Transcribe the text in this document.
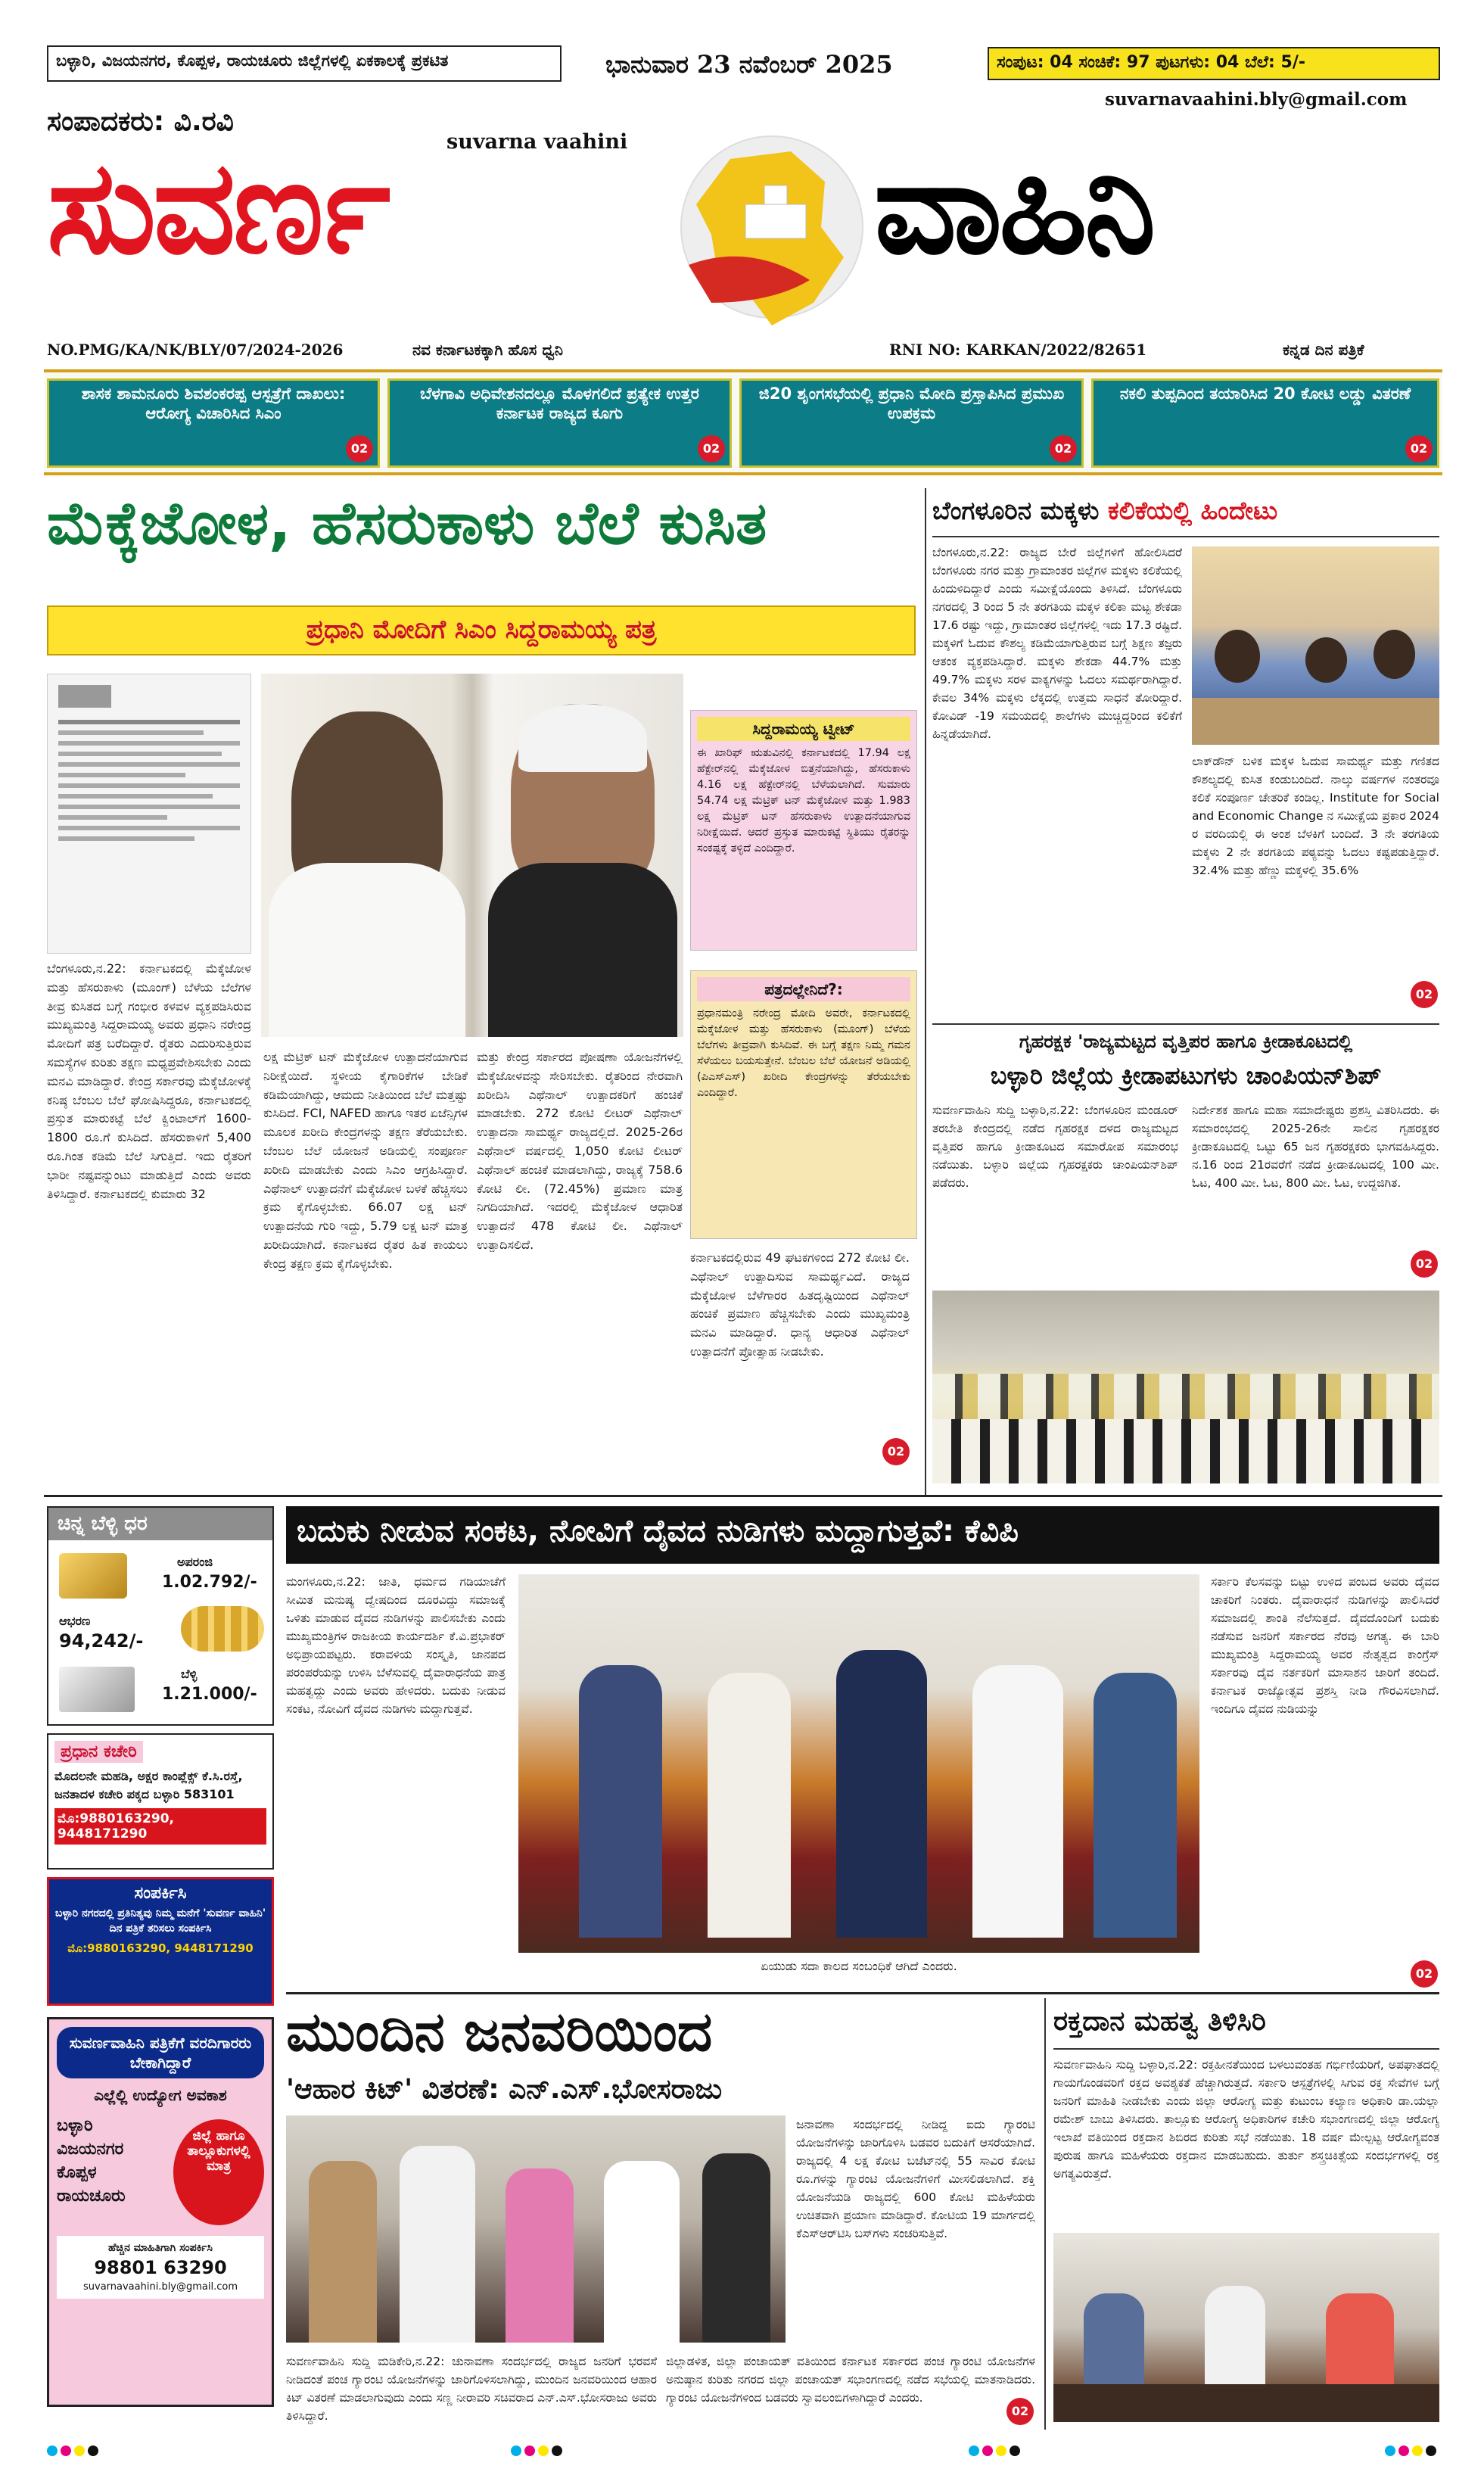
ಬಳ್ಳಾರಿ, ವಿಜಯನಗರ, ಕೊಪ್ಪಳ, ರಾಯಚೂರು ಜಿಲ್ಲೆಗಳಲ್ಲಿ ಏಕಕಾಲಕ್ಕೆ ಪ್ರಕಟಿತ	ಭಾನುವಾರ 23 ನವೆಂಬರ್ 2025	ಸಂಪುಟ: 04 ಸಂಚಿಕೆ: 97 ಪುಟಗಳು: 04 ಬೆಲೆ: 5/-
suvarnavaahini.bly@gmail.com
ಸಂಪಾದಕರು: ವಿ.ರವಿ
suvarna vaahini
ಸುವರ್ಣ	ವಾಹಿನಿ
NO.PMG/KA/NK/BLY/07/2024-2026	ನವ ಕರ್ನಾಟಕಕ್ಕಾಗಿ ಹೊಸ ಧ್ವನಿ	RNI NO: KARKAN/2022/82651	ಕನ್ನಡ ದಿನ ಪತ್ರಿಕೆ
ಶಾಸಕ ಶಾಮನೂರು ಶಿವಶಂಕರಪ್ಪ ಆಸ್ಪತ್ರೆಗೆ ದಾಖಲು: ಆರೋಗ್ಯ ವಿಚಾರಿಸಿದ ಸಿಎಂ
02
ಬೆಳಗಾವಿ ಅಧಿವೇಶನದಲ್ಲೂ ಮೊಳಗಲಿದೆ ಪ್ರತ್ಯೇಕ ಉತ್ತರ ಕರ್ನಾಟಕ ರಾಜ್ಯದ ಕೂಗು
02
ಜಿ20 ಶೃಂಗಸಭೆಯಲ್ಲಿ ಪ್ರಧಾನಿ ಮೋದಿ ಪ್ರಸ್ತಾಪಿಸಿದ ಪ್ರಮುಖ ಉಪಕ್ರಮ
02
ನಕಲಿ ತುಪ್ಪದಿಂದ ತಯಾರಿಸಿದ 20 ಕೋಟಿ ಲಡ್ಡು ವಿತರಣೆ
02
ಮೆಕ್ಕೆಜೋಳ, ಹೆಸರುಕಾಳು ಬೆಲೆ ಕುಸಿತ
ಪ್ರಧಾನಿ ಮೋದಿಗೆ ಸಿಎಂ ಸಿದ್ದರಾಮಯ್ಯ ಪತ್ರ
ಸಿದ್ದರಾಮಯ್ಯ ಟ್ವೀಟ್
ಈ ಖಾರಿಫ್ ಋತುವಿನಲ್ಲಿ ಕರ್ನಾಟಕದಲ್ಲಿ 17.94 ಲಕ್ಷ ಹೆಕ್ಟೇರ್‌ನಲ್ಲಿ ಮೆಕ್ಕೆಜೋಳ ಬಿತ್ತನೆಯಾಗಿದ್ದು, ಹೆಸರುಕಾಳು 4.16 ಲಕ್ಷ ಹೆಕ್ಟೇರ್‌ನಲ್ಲಿ ಬೆಳೆಯಲಾಗಿದೆ. ಸುಮಾರು 54.74 ಲಕ್ಷ ಮೆಟ್ರಿಕ್ ಟನ್ ಮೆಕ್ಕೆಜೋಳ ಮತ್ತು 1.983 ಲಕ್ಷ ಮೆಟ್ರಿಕ್ ಟನ್ ಹೆಸರುಕಾಳು ಉತ್ಪಾದನೆಯಾಗುವ ನಿರೀಕ್ಷೆಯಿದೆ. ಆದರೆ ಪ್ರಸ್ತುತ ಮಾರುಕಟ್ಟೆ ಸ್ಥಿತಿಯು ರೈತರನ್ನು ಸಂಕಷ್ಟಕ್ಕೆ ತಳ್ಳಿದೆ ಎಂದಿದ್ದಾರೆ.
ಪತ್ರದಲ್ಲೇನಿದೆ?:
ಪ್ರಧಾನಮಂತ್ರಿ ನರೇಂದ್ರ ಮೋದಿ ಅವರೇ, ಕರ್ನಾಟಕದಲ್ಲಿ ಮೆಕ್ಕೆಜೋಳ ಮತ್ತು ಹೆಸರುಕಾಳು (ಮೂಂಗ್) ಬೆಳೆಯ ಬೆಲೆಗಳು ತೀವ್ರವಾಗಿ ಕುಸಿದಿವೆ. ಈ ಬಗ್ಗೆ ತಕ್ಷಣ ನಿಮ್ಮ ಗಮನ ಸೆಳೆಯಲು ಬಯಸುತ್ತೇನೆ. ಬೆಂಬಲ ಬೆಲೆ ಯೋಜನೆ ಅಡಿಯಲ್ಲಿ (ಪಿಎಸ್‌ಎಸ್) ಖರೀದಿ ಕೇಂದ್ರಗಳನ್ನು ತೆರೆಯಬೇಕು ಎಂದಿದ್ದಾರೆ.
ಬೆಂಗಳೂರು,ನ.22: ಕರ್ನಾಟಕದಲ್ಲಿ ಮೆಕ್ಕೆಜೋಳ ಮತ್ತು ಹೆಸರುಕಾಳು (ಮೂಂಗ್) ಬೆಳೆಯ ಬೆಲೆಗಳ ತೀವ್ರ ಕುಸಿತದ ಬಗ್ಗೆ ಗಂಭೀರ ಕಳವಳ ವ್ಯಕ್ತಪಡಿಸಿರುವ ಮುಖ್ಯಮಂತ್ರಿ ಸಿದ್ದರಾಮಯ್ಯ ಅವರು ಪ್ರಧಾನಿ ನರೇಂದ್ರ ಮೋದಿಗೆ ಪತ್ರ ಬರೆದಿದ್ದಾರೆ. ರೈತರು ಎದುರಿಸುತ್ತಿರುವ ಸಮಸ್ಯೆಗಳ ಕುರಿತು ತಕ್ಷಣ ಮಧ್ಯಪ್ರವೇಶಿಸಬೇಕು ಎಂದು ಮನವಿ ಮಾಡಿದ್ದಾರೆ. ಕೇಂದ್ರ ಸರ್ಕಾರವು ಮೆಕ್ಕೆಜೋಳಕ್ಕೆ ಕನಿಷ್ಠ ಬೆಂಬಲ ಬೆಲೆ ಘೋಷಿಸಿದ್ದರೂ, ಕರ್ನಾಟಕದಲ್ಲಿ ಪ್ರಸ್ತುತ ಮಾರುಕಟ್ಟೆ ಬೆಲೆ ಕ್ವಿಂಟಾಲ್‌ಗೆ 1600-1800 ರೂ.ಗೆ ಕುಸಿದಿದೆ. ಹೆಸರುಕಾಳಿಗೆ 5,400 ರೂ.ಗಿಂತ ಕಡಿಮೆ ಬೆಲೆ ಸಿಗುತ್ತಿದೆ. ಇದು ರೈತರಿಗೆ ಭಾರೀ ನಷ್ಟವನ್ನುಂಟು ಮಾಡುತ್ತಿದೆ ಎಂದು ಅವರು ತಿಳಿಸಿದ್ದಾರೆ. ಕರ್ನಾಟಕದಲ್ಲಿ ಕುಮಾರು 32
ಲಕ್ಷ ಮೆಟ್ರಿಕ್ ಟನ್ ಮೆಕ್ಕೆಜೋಳ ಉತ್ಪಾದನೆಯಾಗುವ ನಿರೀಕ್ಷೆಯಿದೆ. ಸ್ಥಳೀಯ ಕೈಗಾರಿಕೆಗಳ ಬೇಡಿಕೆ ಕಡಿಮೆಯಾಗಿದ್ದು, ಆಮದು ನೀತಿಯಿಂದ ಬೆಲೆ ಮತ್ತಷ್ಟು ಕುಸಿದಿದೆ. FCI, NAFED ಹಾಗೂ ಇತರ ಏಜೆನ್ಸಿಗಳ ಮೂಲಕ ಖರೀದಿ ಕೇಂದ್ರಗಳನ್ನು ತಕ್ಷಣ ತೆರೆಯಬೇಕು. ಬೆಂಬಲ ಬೆಲೆ ಯೋಜನೆ ಅಡಿಯಲ್ಲಿ ಸಂಪೂರ್ಣ ಖರೀದಿ ಮಾಡಬೇಕು ಎಂದು ಸಿಎಂ ಆಗ್ರಹಿಸಿದ್ದಾರೆ. ಎಥೆನಾಲ್ ಉತ್ಪಾದನೆಗೆ ಮೆಕ್ಕೆಜೋಳ ಬಳಕೆ ಹೆಚ್ಚಿಸಲು ಕ್ರಮ ಕೈಗೊಳ್ಳಬೇಕು. 66.07 ಲಕ್ಷ ಟನ್ ಉತ್ಪಾದನೆಯ ಗುರಿ ಇದ್ದು, 5.79 ಲಕ್ಷ ಟನ್ ಮಾತ್ರ ಖರೀದಿಯಾಗಿದೆ. ಕರ್ನಾಟಕದ ರೈತರ ಹಿತ ಕಾಯಲು ಕೇಂದ್ರ ತಕ್ಷಣ ಕ್ರಮ ಕೈಗೊಳ್ಳಬೇಕು.
ಮತ್ತು ಕೇಂದ್ರ ಸರ್ಕಾರದ ಪೋಷಣಾ ಯೋಜನೆಗಳಲ್ಲಿ ಮೆಕ್ಕೆಜೋಳವನ್ನು ಸೇರಿಸಬೇಕು. ರೈತರಿಂದ ನೇರವಾಗಿ ಖರೀದಿಸಿ ಎಥೆನಾಲ್ ಉತ್ಪಾದಕರಿಗೆ ಹಂಚಿಕೆ ಮಾಡಬೇಕು. 272 ಕೋಟಿ ಲೀಟರ್ ಎಥೆನಾಲ್ ಉತ್ಪಾದನಾ ಸಾಮರ್ಥ್ಯ ರಾಜ್ಯದಲ್ಲಿದೆ. 2025-26ರ ಎಥೆನಾಲ್ ವರ್ಷದಲ್ಲಿ 1,050 ಕೋಟಿ ಲೀಟರ್ ಎಥೆನಾಲ್ ಹಂಚಿಕೆ ಮಾಡಲಾಗಿದ್ದು, ರಾಜ್ಯಕ್ಕೆ 758.6 ಕೋಟಿ ಲೀ. (72.45%) ಪ್ರಮಾಣ ಮಾತ್ರ ನಿಗದಿಯಾಗಿದೆ. ಇದರಲ್ಲಿ ಮೆಕ್ಕೆಜೋಳ ಆಧಾರಿತ ಉತ್ಪಾದನೆ 478 ಕೋಟಿ ಲೀ. ಎಥೆನಾಲ್ ಉತ್ಪಾದಿಸಲಿದೆ.
ಕರ್ನಾಟಕದಲ್ಲಿರುವ 49 ಘಟಕಗಳಿಂದ 272 ಕೋಟಿ ಲೀ. ಎಥೆನಾಲ್ ಉತ್ಪಾದಿಸುವ ಸಾಮರ್ಥ್ಯವಿದೆ. ರಾಜ್ಯದ ಮೆಕ್ಕೆಜೋಳ ಬೆಳೆಗಾರರ ಹಿತದೃಷ್ಟಿಯಿಂದ ಎಥೆನಾಲ್ ಹಂಚಿಕೆ ಪ್ರಮಾಣ ಹೆಚ್ಚಿಸಬೇಕು ಎಂದು ಮುಖ್ಯಮಂತ್ರಿ ಮನವಿ ಮಾಡಿದ್ದಾರೆ. ಧಾನ್ಯ ಆಧಾರಿತ ಎಥೆನಾಲ್ ಉತ್ಪಾದನೆಗೆ ಪ್ರೋತ್ಸಾಹ ನೀಡಬೇಕು.
02
ಬೆಂಗಳೂರಿನ ಮಕ್ಕಳು ಕಲಿಕೆಯಲ್ಲಿ ಹಿಂದೇಟು
ಬೆಂಗಳೂರು,ನ.22: ರಾಜ್ಯದ ಬೇರೆ ಜಿಲ್ಲೆಗಳಿಗೆ ಹೋಲಿಸಿದರೆ ಬೆಂಗಳೂರು ನಗರ ಮತ್ತು ಗ್ರಾಮಾಂತರ ಜಿಲ್ಲೆಗಳ ಮಕ್ಕಳು ಕಲಿಕೆಯಲ್ಲಿ ಹಿಂದುಳಿದಿದ್ದಾರೆ ಎಂದು ಸಮೀಕ್ಷೆಯೊಂದು ತಿಳಿಸಿದೆ. ಬೆಂಗಳೂರು ನಗರದಲ್ಲಿ 3 ರಿಂದ 5 ನೇ ತರಗತಿಯ ಮಕ್ಕಳ ಕಲಿಕಾ ಮಟ್ಟ ಶೇಕಡಾ 17.6 ರಷ್ಟು ಇದ್ದು, ಗ್ರಾಮಾಂತರ ಜಿಲ್ಲೆಗಳಲ್ಲಿ ಇದು 17.3 ರಷ್ಟಿದೆ. ಮಕ್ಕಳಿಗೆ ಓದುವ ಕೌಶಲ್ಯ ಕಡಿಮೆಯಾಗುತ್ತಿರುವ ಬಗ್ಗೆ ಶಿಕ್ಷಣ ತಜ್ಞರು ಆತಂಕ ವ್ಯಕ್ತಪಡಿಸಿದ್ದಾರೆ. ಮಕ್ಕಳು ಶೇಕಡಾ 44.7% ಮತ್ತು 49.7% ಮಕ್ಕಳು ಸರಳ ವಾಕ್ಯಗಳನ್ನು ಓದಲು ಸಮರ್ಥರಾಗಿದ್ದಾರೆ. ಕೇವಲ 34% ಮಕ್ಕಳು ಲೆಕ್ಕದಲ್ಲಿ ಉತ್ತಮ ಸಾಧನೆ ತೋರಿದ್ದಾರೆ. ಕೋವಿಡ್ -19 ಸಮಯದಲ್ಲಿ ಶಾಲೆಗಳು ಮುಚ್ಚಿದ್ದರಿಂದ ಕಲಿಕೆಗೆ ಹಿನ್ನಡೆಯಾಗಿದೆ.
ಲಾಕ್‌ಡೌನ್ ಬಳಿಕ ಮಕ್ಕಳ ಓದುವ ಸಾಮರ್ಥ್ಯ ಮತ್ತು ಗಣಿತದ ಕೌಶಲ್ಯದಲ್ಲಿ ಕುಸಿತ ಕಂಡುಬಂದಿದೆ. ನಾಲ್ಕು ವರ್ಷಗಳ ನಂತರವೂ ಕಲಿಕೆ ಸಂಪೂರ್ಣ ಚೇತರಿಕೆ ಕಂಡಿಲ್ಲ. Institute for Social and Economic Change ನ ಸಮೀಕ್ಷೆಯ ಪ್ರಕಾರ 2024 ರ ವರದಿಯಲ್ಲಿ ಈ ಅಂಶ ಬೆಳಕಿಗೆ ಬಂದಿದೆ. 3 ನೇ ತರಗತಿಯ ಮಕ್ಕಳು 2 ನೇ ತರಗತಿಯ ಪಠ್ಯವನ್ನು ಓದಲು ಕಷ್ಟಪಡುತ್ತಿದ್ದಾರೆ. 32.4% ಮತ್ತು ಹೆಣ್ಣು ಮಕ್ಕಳಲ್ಲಿ 35.6%
02
ಗೃಹರಕ್ಷಕ 'ರಾಜ್ಯಮಟ್ಟದ ವೃತ್ತಿಪರ ಹಾಗೂ ಕ್ರೀಡಾಕೂಟದಲ್ಲಿ
ಬಳ್ಳಾರಿ ಜಿಲ್ಲೆಯ ಕ್ರೀಡಾಪಟುಗಳು ಚಾಂಪಿಯನ್‌ಶಿಪ್
ಸುವರ್ಣವಾಹಿನಿ ಸುದ್ದಿ ಬಳ್ಳಾರಿ,ನ.22: ಬೆಂಗಳೂರಿನ ಮಂಡೂರ್ ತರಬೇತಿ ಕೇಂದ್ರದಲ್ಲಿ ನಡೆದ ಗೃಹರಕ್ಷಕ ದಳದ ರಾಜ್ಯಮಟ್ಟದ ವೃತ್ತಿಪರ ಹಾಗೂ ಕ್ರೀಡಾಕೂಟದ ಸಮಾರೋಪ ಸಮಾರಂಭ ನಡೆಯಿತು. ಬಳ್ಳಾರಿ ಜಿಲ್ಲೆಯ ಗೃಹರಕ್ಷಕರು ಚಾಂಪಿಯನ್‌ಶಿಪ್ ಪಡೆದರು.
ನಿರ್ದೇಶಕ ಹಾಗೂ ಮಹಾ ಸಮಾದೇಷ್ಟರು ಪ್ರಶಸ್ತಿ ವಿತರಿಸಿದರು. ಈ ಸಮಾರಂಭದಲ್ಲಿ 2025-26ನೇ ಸಾಲಿನ ಗೃಹರಕ್ಷಕರ ಕ್ರೀಡಾಕೂಟದಲ್ಲಿ ಒಟ್ಟು 65 ಜನ ಗೃಹರಕ್ಷಕರು ಭಾಗವಹಿಸಿದ್ದರು. ನ.16 ರಿಂದ 21ರವರೆಗೆ ನಡೆದ ಕ್ರೀಡಾಕೂಟದಲ್ಲಿ 100 ಮೀ. ಓಟ, 400 ಮೀ. ಓಟ, 800 ಮೀ. ಓಟ, ಉದ್ದಜಿಗಿತ.
02
ಚಿನ್ನ ಬೆಳ್ಳಿ ಧರ
ಅಪರಂಜಿ
1.02.792/-
ಆಭರಣ
94,242/-
ಬೆಳ್ಳಿ
1.21.000/-
ಪ್ರಧಾನ ಕಚೇರಿ
ಮೊದಲನೇ ಮಹಡಿ, ಅಕ್ಷರ ಕಾಂಪ್ಲೆಕ್ಸ್ ಕೆ.ಸಿ.ರಸ್ತೆ, ಜನತಾದಳ ಕಚೇರಿ ಪಕ್ಕದ ಬಳ್ಳಾರಿ 583101
ಮೊ:9880163290, 9448171290
ಸಂಪರ್ಕಿಸಿ
ಬಳ್ಳಾರಿ ನಗರದಲ್ಲಿ ಪ್ರತಿನಿತ್ಯವು ನಿಮ್ಮ ಮನೆಗೆ 'ಸುವರ್ಣ ವಾಹಿನಿ' ದಿನ ಪತ್ರಿಕೆ ತರಿಸಲು ಸಂಪರ್ಕಿಸಿ
ಮೊ:9880163290, 9448171290
ಸುವರ್ಣವಾಹಿನಿ ಪತ್ರಿಕೆಗೆ ವರದಿಗಾರರು ಬೇಕಾಗಿದ್ದಾರೆ
ಎಲ್ಲೆಲ್ಲಿ ಉದ್ಯೋಗ ಅವಕಾಶ
ಬಳ್ಳಾರಿ
ವಿಜಯನಗರ
ಕೊಪ್ಪಳ
ರಾಯಚೂರು
ಜಿಲ್ಲೆ ಹಾಗೂ ತಾಲ್ಲೂಕುಗಳಲ್ಲಿ ಮಾತ್ರ
ಹೆಚ್ಚಿನ ಮಾಹಿತಿಗಾಗಿ ಸಂಪರ್ಕಿಸಿ
98801 63290
suvarnavaahini.bly@gmail.com
ಬದುಕು ನೀಡುವ ಸಂಕಟ, ನೋವಿಗೆ ದೈವದ ನುಡಿಗಳು ಮದ್ದಾಗುತ್ತವೆ: ಕೆವಿಪಿ
ಮಂಗಳೂರು,ನ.22: ಜಾತಿ, ಧರ್ಮದ ಗಡಿಯಾಚೆಗೆ ಸೀಮಿತ ಮನುಷ್ಯ ದ್ವೇಷದಿಂದ ದೂರವಿದ್ದು ಸಮಾಜಕ್ಕೆ ಒಳಿತು ಮಾಡುವ ದೈವದ ನುಡಿಗಳನ್ನು ಪಾಲಿಸಬೇಕು ಎಂದು ಮುಖ್ಯಮಂತ್ರಿಗಳ ರಾಜಕೀಯ ಕಾರ್ಯದರ್ಶಿ ಕೆ.ವಿ.ಪ್ರಭಾಕರ್ ಅಭಿಪ್ರಾಯಪಟ್ಟರು. ಕರಾವಳಿಯ ಸಂಸ್ಕೃತಿ, ಜಾನಪದ ಪರಂಪರೆಯನ್ನು ಉಳಿಸಿ ಬೆಳೆಸುವಲ್ಲಿ ದೈವಾರಾಧನೆಯ ಪಾತ್ರ ಮಹತ್ವದ್ದು ಎಂದು ಅವರು ಹೇಳಿದರು. ಬದುಕು ನೀಡುವ ಸಂಕಟ, ನೋವಿಗೆ ದೈವದ ನುಡಿಗಳು ಮದ್ದಾಗುತ್ತವೆ.
ಏಯುಡು ಸದಾ ಕಾಲದ ಸಂಬಂಧಿಕೆ ಆಗಿದೆ ಎಂದರು.
ಸರ್ಕಾರಿ ಕೆಲಸವನ್ನು ಬಿಟ್ಟು ಉಳಿದ ಪಂಬದ ಅವರು ದೈವದ ಚಾಕರಿಗೆ ನಿಂತರು. ದೈವಾರಾಧನೆ ನುಡಿಗಳನ್ನು ಪಾಲಿಸಿದರೆ ಸಮಾಜದಲ್ಲಿ ಶಾಂತಿ ನೆಲೆಸುತ್ತದೆ. ದೈವದೊಂದಿಗೆ ಬದುಕು ನಡೆಸುವ ಜನರಿಗೆ ಸರ್ಕಾರದ ನೆರವು ಅಗತ್ಯ. ಈ ಬಾರಿ ಮುಖ್ಯಮಂತ್ರಿ ಸಿದ್ದರಾಮಯ್ಯ ಅವರ ನೇತೃತ್ವದ ಕಾಂಗ್ರೆಸ್ ಸರ್ಕಾರವು ದೈವ ನರ್ತಕರಿಗೆ ಮಾಸಾಶನ ಜಾರಿಗೆ ತಂದಿದೆ. ಕರ್ನಾಟಕ ರಾಜ್ಯೋತ್ಸವ ಪ್ರಶಸ್ತಿ ನೀಡಿ ಗೌರವಿಸಲಾಗಿದೆ. ಇಂದಿಗೂ ದೈವದ ನುಡಿಯನ್ನು
02
ಮುಂದಿನ ಜನವರಿಯಿಂದ
'ಆಹಾರ ಕಿಟ್' ವಿತರಣೆ: ಎನ್.ಎಸ್.ಭೋಸರಾಜು
ಜನಾವಣಾ ಸಂದರ್ಭದಲ್ಲಿ ನೀಡಿದ್ದ ಐದು ಗ್ಯಾರಂಟಿ ಯೋಜನೆಗಳನ್ನು ಜಾರಿಗೊಳಿಸಿ ಬಡವರ ಬದುಕಿಗೆ ಆಸರೆಯಾಗಿದೆ. ರಾಜ್ಯದಲ್ಲಿ 4 ಲಕ್ಷ ಕೋಟಿ ಬಜೆಟ್‌ನಲ್ಲಿ 55 ಸಾವಿರ ಕೋಟಿ ರೂ.ಗಳನ್ನು ಗ್ಯಾರಂಟಿ ಯೋಜನೆಗಳಿಗೆ ಮೀಸಲಿಡಲಾಗಿದೆ. ಶಕ್ತಿ ಯೋಜನೆಯಡಿ ರಾಜ್ಯದಲ್ಲಿ 600 ಕೋಟಿ ಮಹಿಳೆಯರು ಉಚಿತವಾಗಿ ಪ್ರಯಾಣ ಮಾಡಿದ್ದಾರೆ. ಕೋಟಿಯ 19 ಮಾರ್ಗದಲ್ಲಿ ಕೆಎಸ್‌ಆರ್‌ಟಿಸಿ ಬಸ್‌ಗಳು ಸಂಚರಿಸುತ್ತಿವೆ.
ಸುವರ್ಣವಾಹಿನಿ ಸುದ್ದಿ ಮಡಿಕೇರಿ,ನ.22: ಚುನಾವಣಾ ಸಂದರ್ಭದಲ್ಲಿ ರಾಜ್ಯದ ಜನರಿಗೆ ಭರವಸೆ ನೀಡಿದಂತೆ ಪಂಚ ಗ್ಯಾರಂಟಿ ಯೋಜನೆಗಳನ್ನು ಜಾರಿಗೊಳಿಸಲಾಗಿದ್ದು, ಮುಂದಿನ ಜನವರಿಯಿಂದ ಆಹಾರ ಕಿಟ್ ವಿತರಣೆ ಮಾಡಲಾಗುವುದು ಎಂದು ಸಣ್ಣ ನೀರಾವರಿ ಸಚಿವರಾದ ಎನ್.ಎಸ್.ಭೋಸರಾಜು ಅವರು ತಿಳಿಸಿದ್ದಾರೆ.
ಜಿಲ್ಲಾಡಳಿತ, ಜಿಲ್ಲಾ ಪಂಚಾಯತ್ ವತಿಯಿಂದ ಕರ್ನಾಟಕ ಸರ್ಕಾರದ ಪಂಚ ಗ್ಯಾರಂಟಿ ಯೋಜನೆಗಳ ಅನುಷ್ಠಾನ ಕುರಿತು ನಗರದ ಜಿಲ್ಲಾ ಪಂಚಾಯತ್ ಸಭಾಂಗಣದಲ್ಲಿ ನಡೆದ ಸಭೆಯಲ್ಲಿ ಮಾತನಾಡಿದರು. ಗ್ಯಾರಂಟಿ ಯೋಜನೆಗಳಿಂದ ಬಡವರು ಸ್ವಾವಲಂಬಿಗಳಾಗಿದ್ದಾರೆ ಎಂದರು.
02
ರಕ್ತದಾನ ಮಹತ್ವ ತಿಳಿಸಿರಿ
ಸುವರ್ಣವಾಹಿನಿ ಸುದ್ದಿ ಬಳ್ಳಾರಿ,ನ.22: ರಕ್ತಹೀನತೆಯಿಂದ ಬಳಲುವಂತಹ ಗರ್ಭಿಣಿಯರಿಗೆ, ಅಪಘಾತದಲ್ಲಿ ಗಾಯಗೊಂಡವರಿಗೆ ರಕ್ತದ ಅವಶ್ಯಕತೆ ಹೆಚ್ಚಾಗಿರುತ್ತದೆ. ಸರ್ಕಾರಿ ಆಸ್ಪತ್ರೆಗಳಲ್ಲಿ ಸಿಗುವ ರಕ್ತ ಸೇವೆಗಳ ಬಗ್ಗೆ ಜನರಿಗೆ ಮಾಹಿತಿ ನೀಡಬೇಕು ಎಂದು ಜಿಲ್ಲಾ ಆರೋಗ್ಯ ಮತ್ತು ಕುಟುಂಬ ಕಲ್ಯಾಣ ಅಧಿಕಾರಿ ಡಾ.ಯಲ್ಲಾ ರಮೇಶ್ ಬಾಬು ತಿಳಿಸಿದರು. ತಾಲ್ಲೂಕು ಆರೋಗ್ಯ ಅಧಿಕಾರಿಗಳ ಕಚೇರಿ ಸಭಾಂಗಣದಲ್ಲಿ ಜಿಲ್ಲಾ ಆರೋಗ್ಯ ಇಲಾಖೆ ವತಿಯಿಂದ ರಕ್ತದಾನ ಶಿಬಿರದ ಕುರಿತು ಸಭೆ ನಡೆಯಿತು. 18 ವರ್ಷ ಮೇಲ್ಪಟ್ಟ ಆರೋಗ್ಯವಂತ ಪುರುಷ ಹಾಗೂ ಮಹಿಳೆಯರು ರಕ್ತದಾನ ಮಾಡಬಹುದು. ತುರ್ತು ಶಸ್ತ್ರಚಿಕಿತ್ಸೆಯ ಸಂದರ್ಭಗಳಲ್ಲಿ ರಕ್ತ ಅಗತ್ಯವಿರುತ್ತದೆ.
